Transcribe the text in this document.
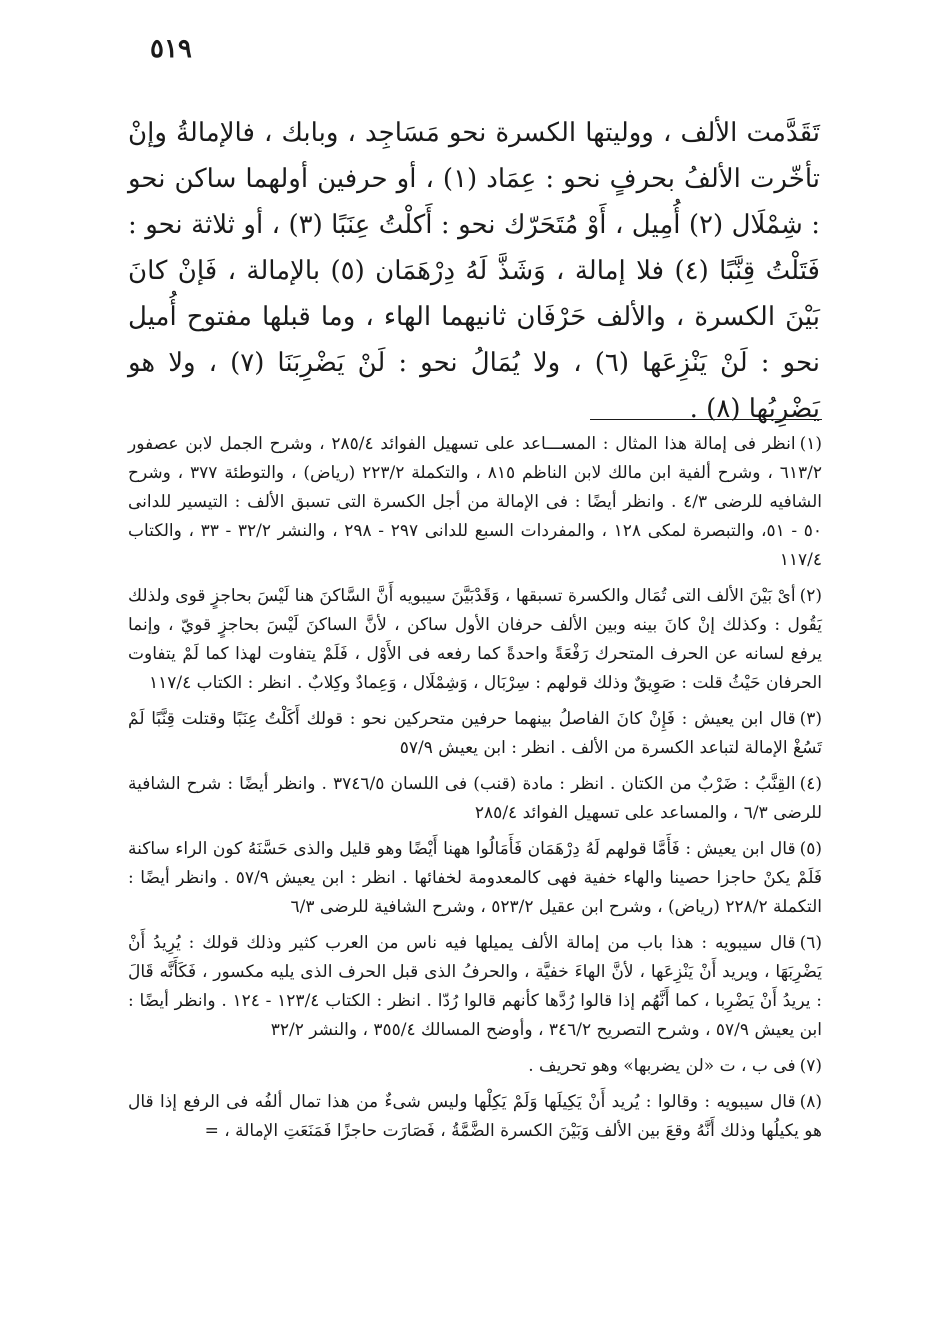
٥١٩

تَقَدَّمت الألف ، ووليتها الكسرة نحو مَسَاجِد ، وبابك ، فالإمالةُ وإنْ تأخّرت الألفُ بحرفٍ نحو : عِمَاد (١) ، أو حرفين أولهما ساكن نحو : شِمْلَال (٢) أُمِيل ، أَوْ مُتَحَرّك نحو : أَكلْتُ عِنَبًا (٣) ، أو ثلاثة نحو : فَتَلْتُ قِنَّبًا (٤) فلا إمالة ، وَشَذَّ لَهُ دِرْهَمَان (٥) بالإمالة ، فَإنْ كانَ بَيْنَ الكسرة ، والألف حَرْفَان ثانيهما الهاء ، وما قبلها مفتوح أُميل نحو : لَنْ يَنْزِعَها (٦) ، ولا يُمَالُ نحو : لَنْ يَضْرِبَنَا (٧) ، ولا هو يَضْرِبُها (٨) .

(١)انظر فى إمالة هذا المثال : المســـاعد على تسهيل الفوائد ٢٨٥/٤ ، وشرح الجمل لابن عصفور ٦١٣/٢ ، وشرح ألفية ابن مالك لابن الناظم ٨١٥ ، والتكملة ٢٢٣/٢ (رياض) ، والتوطئة ٣٧٧ ، وشرح الشافيه للرضى ٤/٣ . وانظر أيضًا : فى الإمالة من أجل الكسرة التى تسبق الألف : التيسير للدانى ٥٠ - ٥١، والتبصرة لمكى ١٢٨ ، والمفردات السبع للدانى ٢٩٧ - ٢٩٨ ، والنشر ٣٢/٢ - ٣٣ ، والكتاب ١١٧/٤

(٢)أىْ بَيْنَ الألف التى تُمَال والكسرة تسبقها ، وَقَدْبَيَّنَ سيبويه أَنَّ السَّاكنَ هنا لَيْسَ بحاجزٍ قوى ولذلك يَقُول : وكذلك إنْ كانَ بينه وبين الألف حرفان الأول ساكن ، لأنَّ الساكنَ لَيْسَ بحاجزٍ قويّ ، وإنما يرفع لسانه عن الحرف المتحرك رَفْعَةً واحدةً كما رفعه فى الأَوْل ، فَلَمْ يتفاوت لهذا كما لَمْ يتفاوت الحرفان حَيْثُ قلت : صَوِيقٌ وذلك قولهم : سِرْبَال ، وَشِمْلَال ، وَعِمادٌ وكِلابٌ . انظر : الكتاب ١١٧/٤

(٣)قال ابن يعيش : فَإِنْ كانَ الفاصلُ بينهما حرفين متحركين نحو : قولك أَكَلْتُ عِنَبًا وقتلت قِنَّبًا لَمْ تَسُغْ الإمالة لتباعد الكسرة من الألف . انظر : ابن يعيش ٥٧/٩

(٤)القِنَّبُ : ضَرْبٌ من الكتان . انظر : مادة (قنب) فى اللسان ٣٧٤٦/٥ . وانظر أيضًا : شرح الشافية للرضى ٦/٣ ، والمساعد على تسهيل الفوائد ٢٨٥/٤

(٥)قال ابن يعيش : فَأَمَّا قولهم لَهُ دِرْهَمَان فَأَمَالُوا ههنا أَيْضًا وهو قليل والذى حَسَّنَهُ كون الراء ساكنة فَلَمْ يكنْ حاجزا حصينا والهاء خفية فهى كالمعدومة لخفائها . انظر : ابن يعيش ٥٧/٩ . وانظر أيضًا : التكملة ٢٢٨/٢ (رياض) ، وشرح ابن عقيل ٥٢٣/٢ ، وشرح الشافية للرضى ٦/٣

(٦)قال سيبويه : هذا باب من إمالة الألف يميلها فيه ناس من العرب كثير وذلك قولك : يُرِيدُ أَنْ يَضْرِبَهَا ، ويريد أَنْ يَنْزِعَها ، لأنَّ الهاءَ خفيَّة ، والحرفُ الذى قبل الحرف الذى يليه مكسور ، فَكَأَنَّه قَالَ : يريدُ أَنْ يَضْرِبا ، كما أَنَّهُم إذا قالوا رُدَّها كأنهم قالوا رُدّا . انظر : الكتاب ١٢٣/٤ - ١٢٤ . وانظر أيضًا : ابن يعيش ٥٧/٩ ، وشرح التصريح ٣٤٦/٢ ، وأوضح المسالك ٣٥٥/٤ ، والنشر ٣٢/٢

(٧)فى ب ، ت «لن يضربها» وهو تحريف .

(٨)قال سيبويه : وقالوا : يُريد أَنْ يَكِيلَها وَلَمْ يَكِلْها وليس شىءٌ من هذا تمال ألفُه فى الرفع إذا قال هو يكيلُها وذلك أَنَّهُ وقعَ بين الألف وَبَيْنَ الكسرة الضَّمَّةُ ، فَصَارَت حاجزًا فَمَنَعَتِ الإمالة ، =
